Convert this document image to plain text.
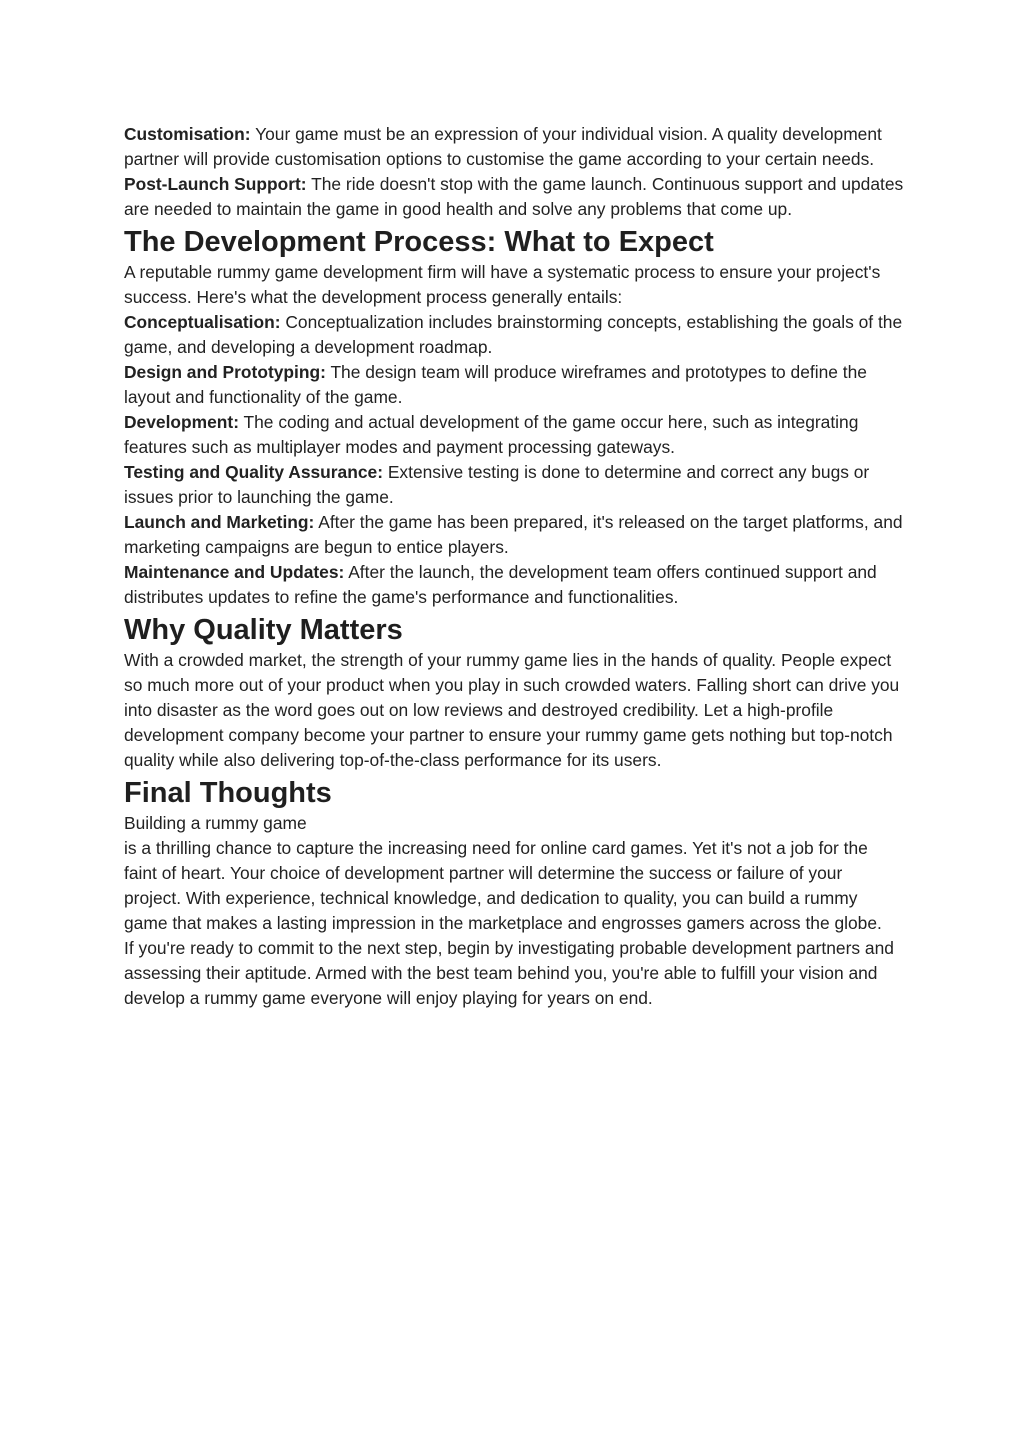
Customisation: Your game must be an expression of your individual vision. A quality development partner will provide customisation options to customise the game according to your certain needs.

Post-Launch Support: The ride doesn't stop with the game launch. Continuous support and updates are needed to maintain the game in good health and solve any problems that come up.

The Development Process: What to Expect

A reputable rummy game development firm will have a systematic process to ensure your project's success. Here's what the development process generally entails:

Conceptualisation: Conceptualization includes brainstorming concepts, establishing the goals of the game, and developing a development roadmap.

Design and Prototyping: The design team will produce wireframes and prototypes to define the layout and functionality of the game.

Development: The coding and actual development of the game occur here, such as integrating features such as multiplayer modes and payment processing gateways.

Testing and Quality Assurance: Extensive testing is done to determine and correct any bugs or issues prior to launching the game.

Launch and Marketing: After the game has been prepared, it's released on the target platforms, and marketing campaigns are begun to entice players.

Maintenance and Updates: After the launch, the development team offers continued support and distributes updates to refine the game's performance and functionalities.

Why Quality Matters

With a crowded market, the strength of your rummy game lies in the hands of quality. People expect so much more out of your product when you play in such crowded waters. Falling short can drive you into disaster as the word goes out on low reviews and destroyed credibility. Let a high-profile development company become your partner to ensure your rummy game gets nothing but top-notch quality while also delivering top-of-the-class performance for its users.

Final Thoughts

Building a rummy game

is a thrilling chance to capture the increasing need for online card games. Yet it's not a job for the faint of heart. Your choice of development partner will determine the success or failure of your project. With experience, technical knowledge, and dedication to quality, you can build a rummy game that makes a lasting impression in the marketplace and engrosses gamers across the globe.

If you're ready to commit to the next step, begin by investigating probable development partners and assessing their aptitude. Armed with the best team behind you, you're able to fulfill your vision and develop a rummy game everyone will enjoy playing for years on end.
